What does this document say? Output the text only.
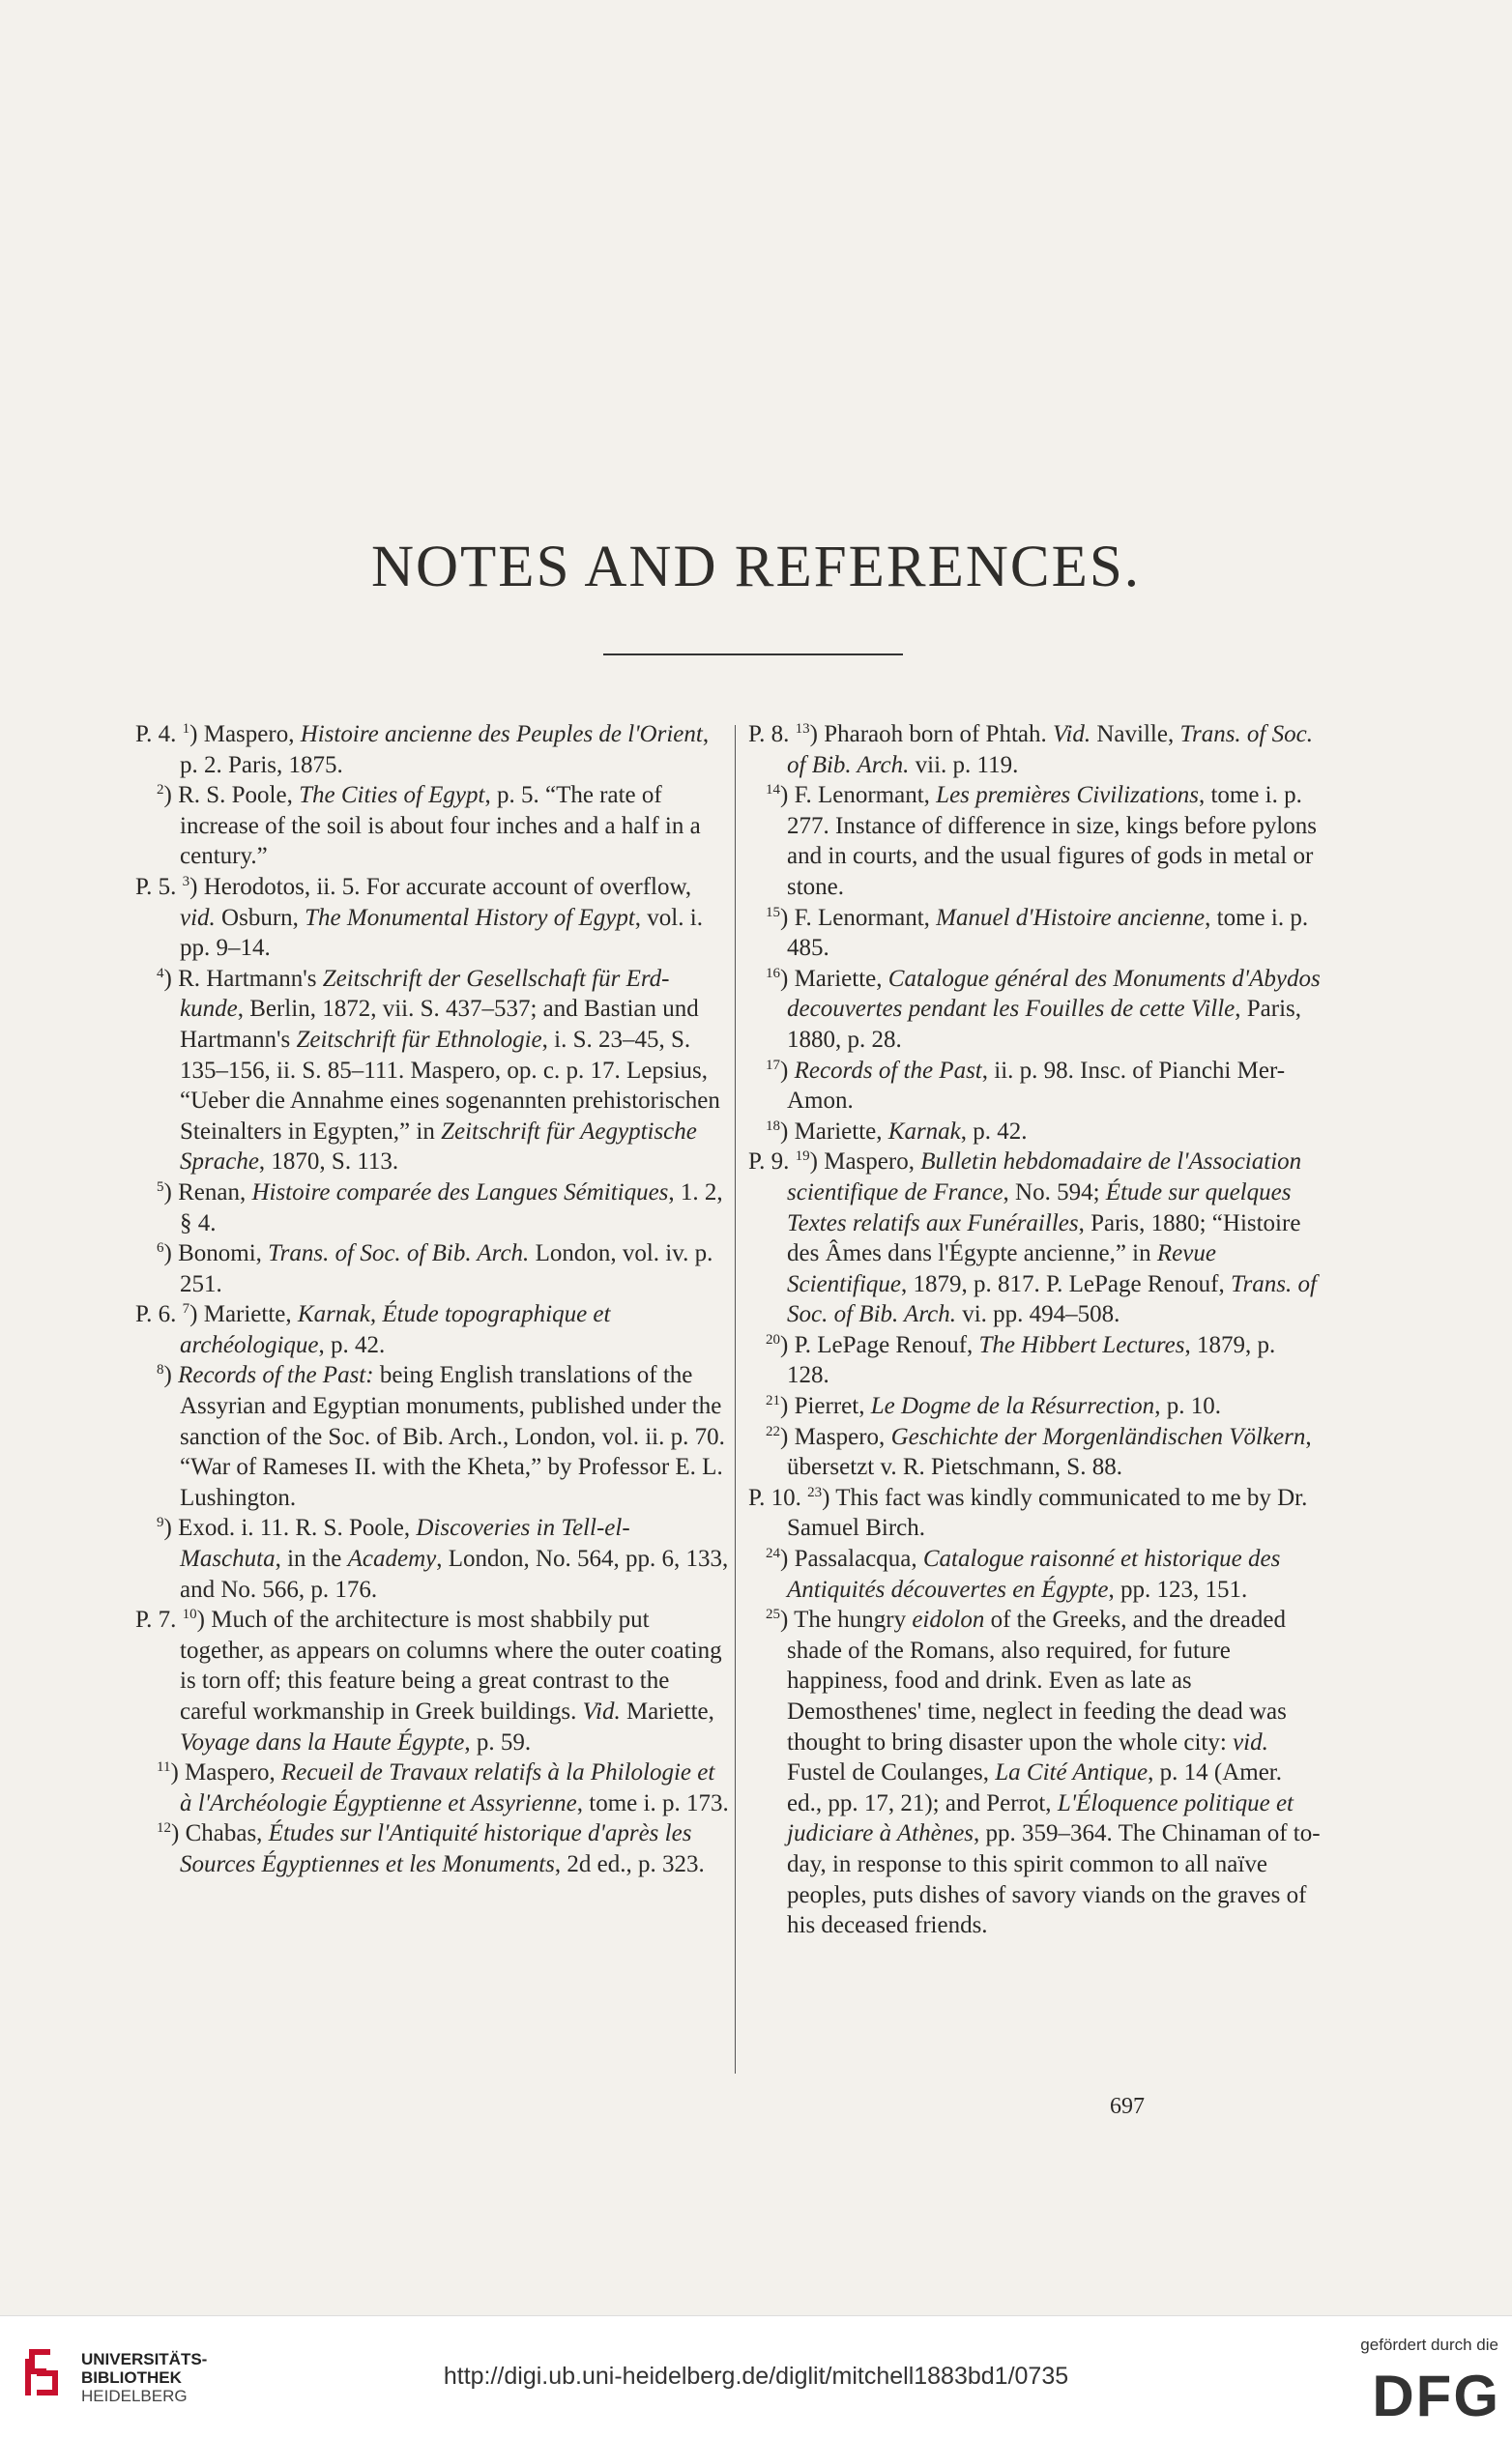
NOTES AND REFERENCES.
P. 4. $^1$) Maspero, Histoire ancienne des Peuples de l'Orient, p. 2. Paris, 1875.
$^2$) R. S. Poole, The Cities of Egypt, p. 5. “The rate of increase of the soil is about four inches and a half in a century.”
P. 5. $^3$) Herodotos, ii. 5. For accurate account of overflow, vid. Osburn, The Monumental History of Egypt, vol. i. pp. 9–14.
$^4$) R. Hartmann's Zeitschrift der Gesellschaft für Erd-kunde, Berlin, 1872, vii. S. 437–537; and Bastian und Hartmann's Zeitschrift für Ethnologie, i. S. 23–45, S. 135–156, ii. S. 85–111. Maspero, op. c. p. 17. Lepsius, “Ueber die Annahme eines sogenannten prehistorischen Steinalters in Egypten,” in Zeitschrift für Aegyptische Sprache, 1870, S. 113.
$^5$) Renan, Histoire comparée des Langues Sémitiques, 1. 2, § 4.
$^6$) Bonomi, Trans. of Soc. of Bib. Arch. London, vol. iv. p. 251.
P. 6. $^7$) Mariette, Karnak, Étude topographique et archéologique, p. 42.
$^8$) Records of the Past: being English translations of the Assyrian and Egyptian monuments, published under the sanction of the Soc. of Bib. Arch., London, vol. ii. p. 70. “War of Rameses II. with the Kheta,” by Professor E. L. Lushington.
$^9$) Exod. i. 11. R. S. Poole, Discoveries in Tell-el-Maschuta, in the Academy, London, No. 564, pp. 6, 133, and No. 566, p. 176.
P. 7. $^{10}$) Much of the architecture is most shabbily put together, as appears on columns where the outer coating is torn off; this feature being a great contrast to the careful workmanship in Greek buildings. Vid. Mariette, Voyage dans la Haute Égypte, p. 59.
$^{11}$) Maspero, Recueil de Travaux relatifs à la Philologie et à l'Archéologie Égyptienne et Assyrienne, tome i. p. 173.
$^{12}$) Chabas, Études sur l'Antiquité historique d'après les Sources Égyptiennes et les Monuments, 2d ed., p. 323.
P. 8. $^{13}$) Pharaoh born of Phtah. Vid. Naville, Trans. of Soc. of Bib. Arch. vii. p. 119.
$^{14}$) F. Lenormant, Les premières Civilizations, tome i. p. 277. Instance of difference in size, kings before pylons and in courts, and the usual figures of gods in metal or stone.
$^{15}$) F. Lenormant, Manuel d'Histoire ancienne, tome i. p. 485.
$^{16}$) Mariette, Catalogue général des Monuments d'Abydos decouvertes pendant les Fouilles de cette Ville, Paris, 1880, p. 28.
$^{17}$) Records of the Past, ii. p. 98. Insc. of Pianchi Mer-Amon.
$^{18}$) Mariette, Karnak, p. 42.
P. 9. $^{19}$) Maspero, Bulletin hebdomadaire de l'Association scientifique de France, No. 594; Étude sur quelques Textes relatifs aux Funérailles, Paris, 1880; “Histoire des Âmes dans l'Égypte ancienne,” in Revue Scientifique, 1879, p. 817. P. LePage Renouf, Trans. of Soc. of Bib. Arch. vi. pp. 494–508.
$^{20}$) P. LePage Renouf, The Hibbert Lectures, 1879, p. 128.
$^{21}$) Pierret, Le Dogme de la Résurrection, p. 10.
$^{22}$) Maspero, Geschichte der Morgenländischen Völkern, übersetzt v. R. Pietschmann, S. 88.
P. 10. $^{23}$) This fact was kindly communicated to me by Dr. Samuel Birch.
$^{24}$) Passalacqua, Catalogue raisonné et historique des Antiquités découvertes en Égypte, pp. 123, 151.
$^{25}$) The hungry eidolon of the Greeks, and the dreaded shade of the Romans, also required, for future happiness, food and drink. Even as late as Demosthenes' time, neglect in feeding the dead was thought to bring disaster upon the whole city: vid. Fustel de Coulanges, La Cité Antique, p. 14 (Amer. ed., pp. 17, 21); and Perrot, L'Éloquence politique et judiciare à Athènes, pp. 359–364. The Chinaman of to-day, in response to this spirit common to all naïve peoples, puts dishes of savory viands on the graves of his deceased friends.
697
UNIVERSITÄTS-
BIBLIOTHEK
HEIDELBERG
http://digi.ub.uni-heidelberg.de/diglit/mitchell1883bd1/0735
gefördert durch die
DFG
